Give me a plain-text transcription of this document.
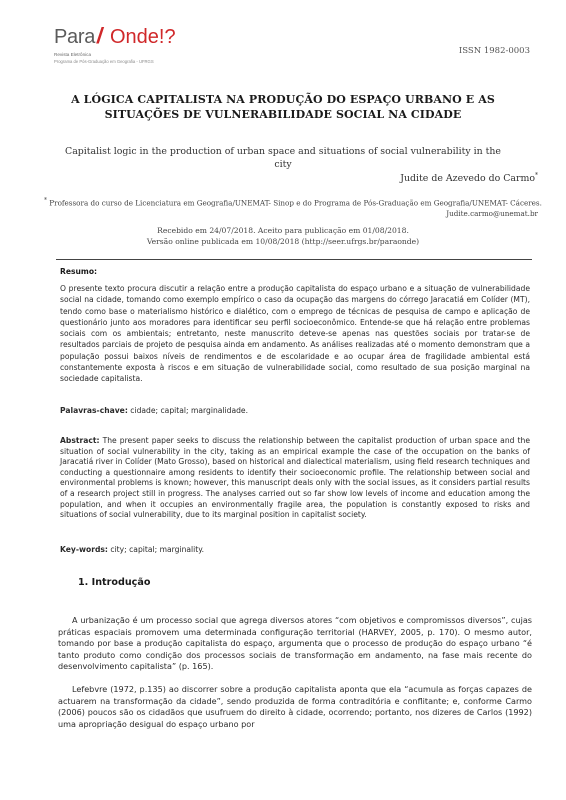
Para / Onde!?
Revista Eletrônica
Programa de Pós-Graduação em Geografia - UFRGS
ISSN 1982-0003
A LÓGICA CAPITALISTA NA PRODUÇÃO DO ESPAÇO URBANO E AS
SITUAÇÕES DE VULNERABILIDADE SOCIAL NA CIDADE
Capitalist logic in the production of urban space and situations of social vulnerability in the city
Judite de Azevedo do Carmo*
* Professora do curso de Licenciatura em Geografia/UNEMAT- Sinop e do Programa de Pós-Graduação em Geografia/UNEMAT- Cáceres.
Judite.carmo@unemat.br
Recebido em 24/07/2018. Aceito para publicação em 01/08/2018.
Versão online publicada em 10/08/2018 (http://seer.ufrgs.br/paraonde)
Resumo:
O presente texto procura discutir a relação entre a produção capitalista do espaço urbano e a situação de vulnerabilidade social na cidade, tomando como exemplo empírico o caso da ocupação das margens do córrego Jaracatiá em Colíder (MT), tendo como base o materialismo histórico e dialético, com o emprego de técnicas de pesquisa de campo e aplicação de questionário junto aos moradores para identificar seu perfil socioeconômico. Entende-se que há relação entre problemas sociais com os ambientais; entretanto, neste manuscrito deteve-se apenas nas questões sociais por tratar-se de resultados parciais de projeto de pesquisa ainda em andamento. As análises realizadas até o momento demonstram que a população possui baixos níveis de rendimentos e de escolaridade e ao ocupar área de fragilidade ambiental está constantemente exposta à riscos e em situação de vulnerabilidade social, como resultado de sua posição marginal na sociedade capitalista.
Palavras-chave: cidade; capital; marginalidade.
Abstract: The present paper seeks to discuss the relationship between the capitalist production of urban space and the situation of social vulnerability in the city, taking as an empirical example the case of the occupation on the banks of Jaracatiá river in Colíder (Mato Grosso), based on historical and dialectical materialism, using field research techniques and conducting a questionnaire among residents to identify their socioeconomic profile. The relationship between social and environmental problems is known; however, this manuscript deals only with the social issues, as it considers partial results of a research project still in progress. The analyses carried out so far show low levels of income and education among the population, and when it occupies an environmentally fragile area, the population is constantly exposed to risks and situations of social vulnerability, due to its marginal position in capitalist society.
Key-words: city; capital; marginality.
1. Introdução
A urbanização é um processo social que agrega diversos atores “com objetivos e compromissos diversos”, cujas práticas espaciais promovem uma determinada configuração territorial (HARVEY, 2005, p. 170). O mesmo autor, tomando por base a produção capitalista do espaço, argumenta que o processo de produção do espaço urbano “é tanto produto como condição dos processos sociais de transformação em andamento, na fase mais recente do desenvolvimento capitalista” (p. 165).
Lefebvre (1972, p.135) ao discorrer sobre a produção capitalista aponta que ela “acumula as forças capazes de actuarem na transformação da cidade”, sendo produzida de forma contraditória e conflitante; e, conforme Carmo (2006) poucos são os cidadãos que usufruem do direito à cidade, ocorrendo; portanto, nos dizeres de Carlos (1992) uma apropriação desigual do espaço urbano por
